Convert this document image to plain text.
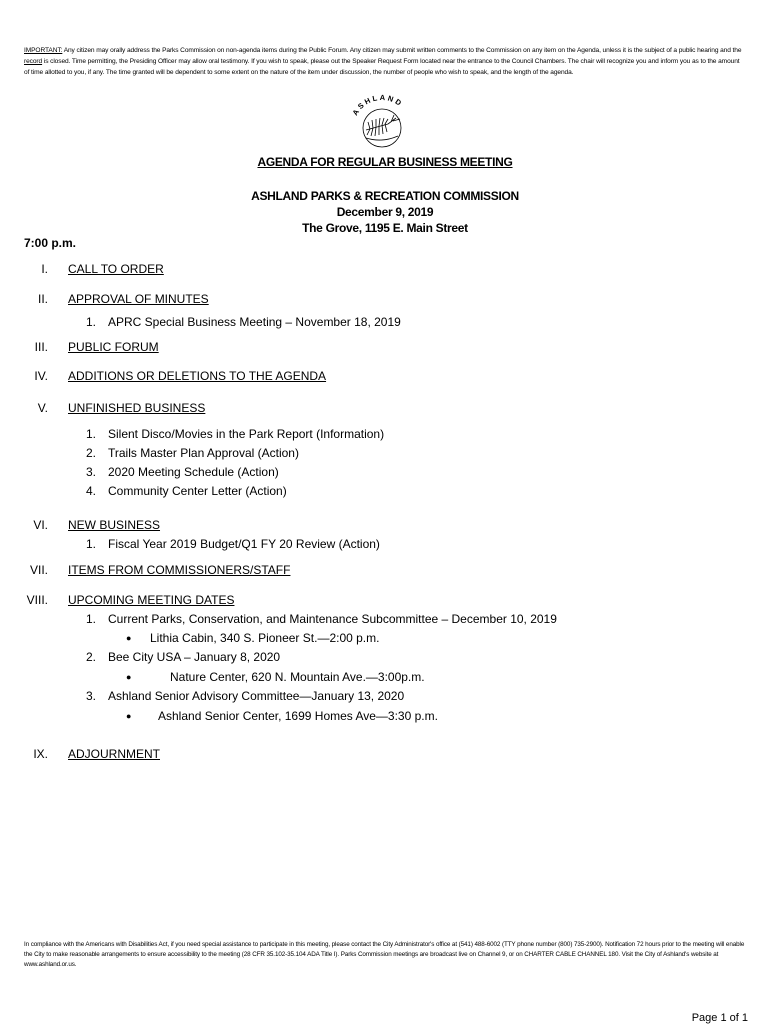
IMPORTANT: Any citizen may orally address the Parks Commission on non-agenda items during the Public Forum. Any citizen may submit written comments to the Commission on any item on the Agenda, unless it is the subject of a public hearing and the record is closed. Time permitting, the Presiding Officer may allow oral testimony. If you wish to speak, please out the Speaker Request Form located near the entrance to the Council Chambers. The chair will recognize you and inform you as to the amount of time allotted to you, if any. The time granted will be dependent to some extent on the nature of the item under discussion, the number of people who wish to speak, and the length of the agenda.
ASHLAND
AGENDA FOR REGULAR BUSINESS MEETING
ASHLAND PARKS & RECREATION COMMISSION
December 9, 2019
The Grove, 1195 E. Main Street
7:00 p.m.
I. CALL TO ORDER
II. APPROVAL OF MINUTES
1. APRC Special Business Meeting – November 18, 2019
III. PUBLIC FORUM
IV. ADDITIONS OR DELETIONS TO THE AGENDA
V. UNFINISHED BUSINESS
1. Silent Disco/Movies in the Park Report (Information)
2. Trails Master Plan Approval (Action)
3. 2020 Meeting Schedule (Action)
4. Community Center Letter (Action)
VI. NEW BUSINESS
1. Fiscal Year 2019 Budget/Q1 FY 20 Review (Action)
VII. ITEMS FROM COMMISSIONERS/STAFF
VIII. UPCOMING MEETING DATES
1. Current Parks, Conservation, and Maintenance Subcommittee – December 10, 2019
● Lithia Cabin, 340 S. Pioneer St.—2:00 p.m.
2. Bee City USA – January 8, 2020
●	Nature Center, 620 N. Mountain Ave.—3:00p.m.
3. Ashland Senior Advisory Committee—January 13, 2020
● Ashland Senior Center, 1699 Homes Ave—3:30 p.m.
IX. ADJOURNMENT
In compliance with the Americans with Disabilities Act, if you need special assistance to participate in this meeting, please contact the City Administrator's office at (541) 488-6002 (TTY phone number (800) 735-2900). Notification 72 hours prior to the meeting will enable the City to make reasonable arrangements to ensure accessibility to the meeting (28 CFR 35.102-35.104 ADA Title I). Parks Commission meetings are broadcast live on Channel 9, or on CHARTER CABLE CHANNEL 180. Visit the City of Ashland's website at www.ashland.or.us.
Page 1 of 1
